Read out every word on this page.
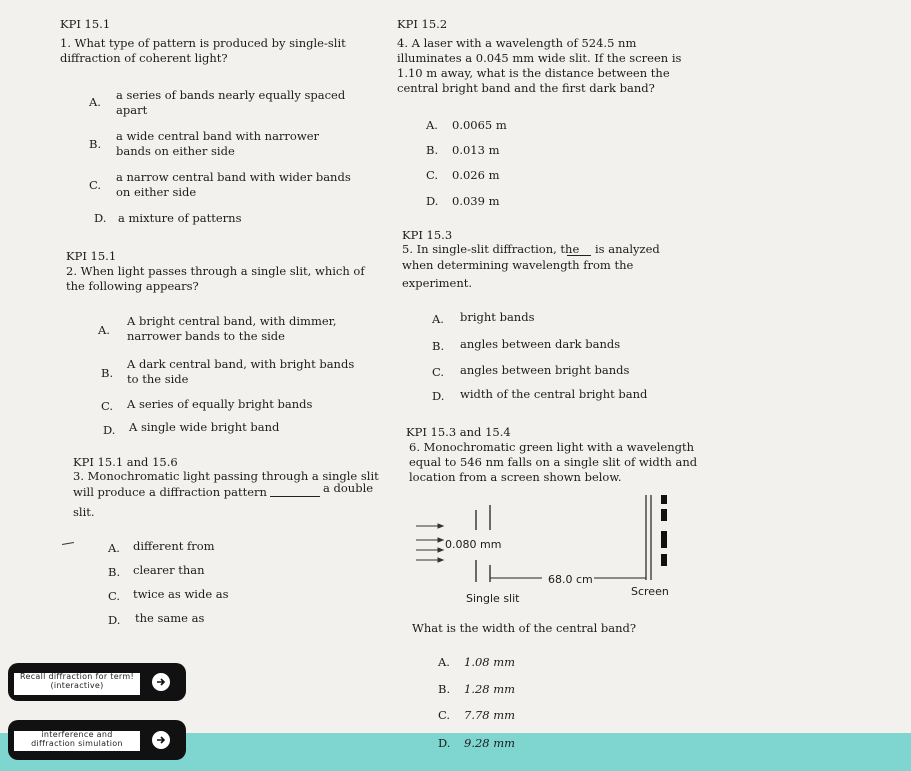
KPI 15.1
1. What type of pattern is produced by single-slit
diffraction of coherent light?
A. a series of bands nearly equally spaced
apart
B.
a wide central band with narrower
bands on either side
C.
a narrow central band with wider bands
on either side
D. a mixture of patterns
KPI 15.1
2. When light passes through a single slit, which of
the following appears?
A.
A bright central band, with dimmer,
narrower bands to the side
B.
A dark central band, with bright bands
to the side
C. A series of equally bright bands
D. A single wide bright band
KPI 15.1 and 15.6
3. Monochromatic light passing through a single slit
will produce a diffraction pattern	a double
slit.
A. different from
B. clearer than
C. twice as wide as
D. the same as
KPI 15.2
4. A laser with a wavelength of 524.5 nm
illuminates a 0.045 mm wide slit. If the screen is
1.10 m away, what is the distance between the
central bright band and the first dark band?
A. 0.0065 m
B. 0.013 m
C. 0.026 m
D. 0.039 m
KPI 15.3
5. In single-slit diffraction, the is analyzed
when determining wavelength from the
experiment.
A. bright bands
B. angles between dark bands
C. angles between bright bands
D. width of the central bright band
KPI 15.3 and 15.4
6. Monochromatic green light with a wavelength
equal to 546 nm falls on a single slit of width and
location from a screen shown below.
0.080 mm
68.0 cm
Single slit
Screen
What is the width of the central band?
A. 1.08 mm
B. 1.28 mm
C. 7.78 mm
D. 9.28 mm
Recall diffraction for term!
(interactive)
interference and
diffraction simulation
